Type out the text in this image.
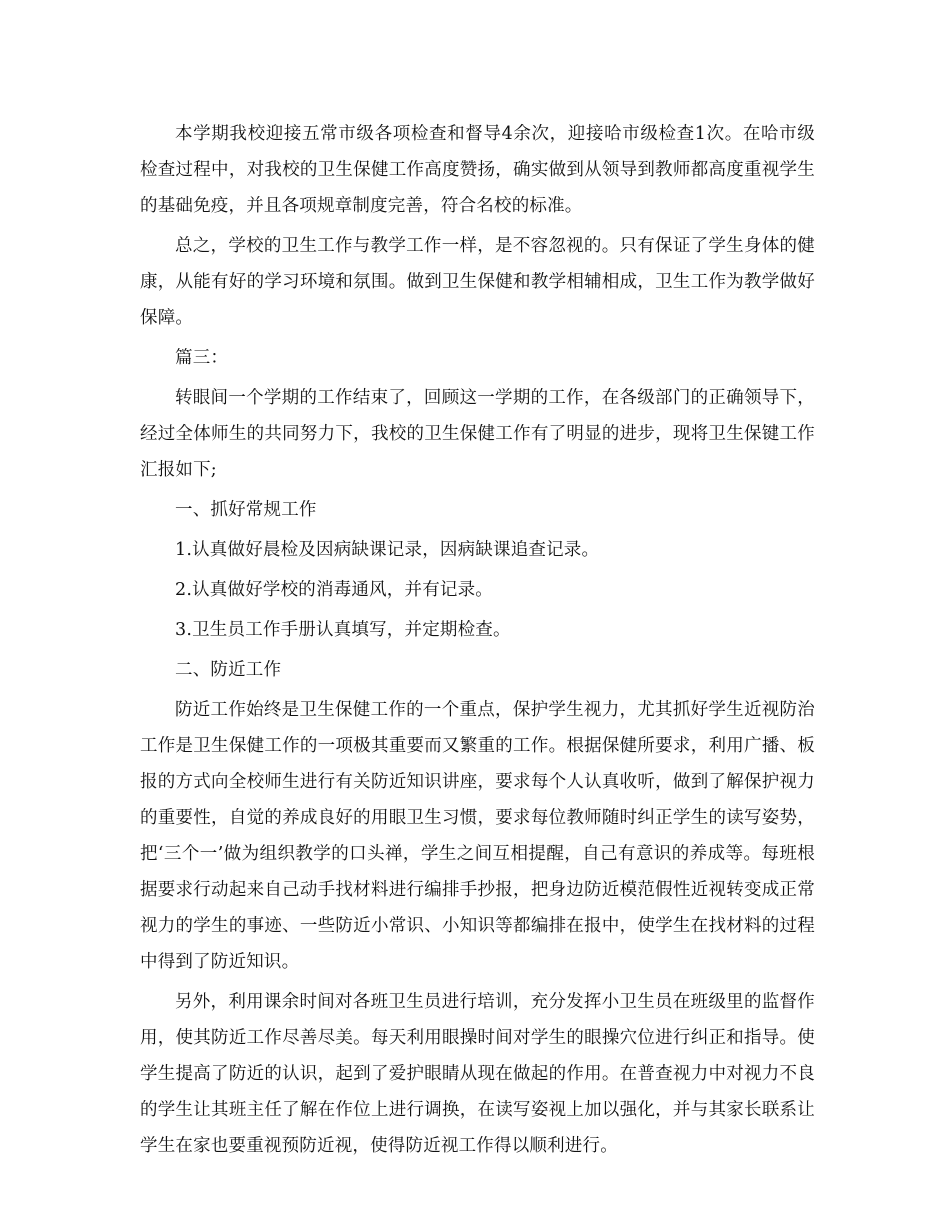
本学期我校迎接五常市级各项检查和督导4余次，迎接哈市级检查1次。在哈市级检查过程中，对我校的卫生保健工作高度赞扬，确实做到从领导到教师都高度重视学生的基础免疫，并且各项规章制度完善，符合名校的标准。

总之，学校的卫生工作与教学工作一样，是不容忽视的。只有保证了学生身体的健康，从能有好的学习环境和氛围。做到卫生保健和教学相辅相成，卫生工作为教学做好保障。

篇三：

转眼间一个学期的工作结束了，回顾这一学期的工作，在各级部门的正确领导下，经过全体师生的共同努力下，我校的卫生保健工作有了明显的进步，现将卫生保键工作汇报如下;

一、抓好常规工作

1.认真做好晨检及因病缺课记录，因病缺课追查记录。

2.认真做好学校的消毒通风，并有记录。

3.卫生员工作手册认真填写，并定期检查。

二、防近工作

防近工作始终是卫生保健工作的一个重点，保护学生视力，尤其抓好学生近视防治工作是卫生保健工作的一项极其重要而又繁重的工作。根据保健所要求，利用广播、板报的方式向全校师生进行有关防近知识讲座，要求每个人认真收听，做到了解保护视力的重要性，自觉的养成良好的用眼卫生习惯，要求每位教师随时纠正学生的读写姿势，把‘三个一’做为组织教学的口头禅，学生之间互相提醒，自己有意识的养成等。每班根据要求行动起来自己动手找材料进行编排手抄报，把身边防近模范假性近视转变成正常视力的学生的事迹、一些防近小常识、小知识等都编排在报中，使学生在找材料的过程中得到了防近知识。

另外，利用课余时间对各班卫生员进行培训，充分发挥小卫生员在班级里的监督作用，使其防近工作尽善尽美。每天利用眼操时间对学生的眼操穴位进行纠正和指导。使学生提高了防近的认识，起到了爱护眼睛从现在做起的作用。在普查视力中对视力不良的学生让其班主任了解在作位上进行调换，在读写姿视上加以强化，并与其家长联系让学生在家也要重视预防近视，使得防近视工作得以顺利进行。
